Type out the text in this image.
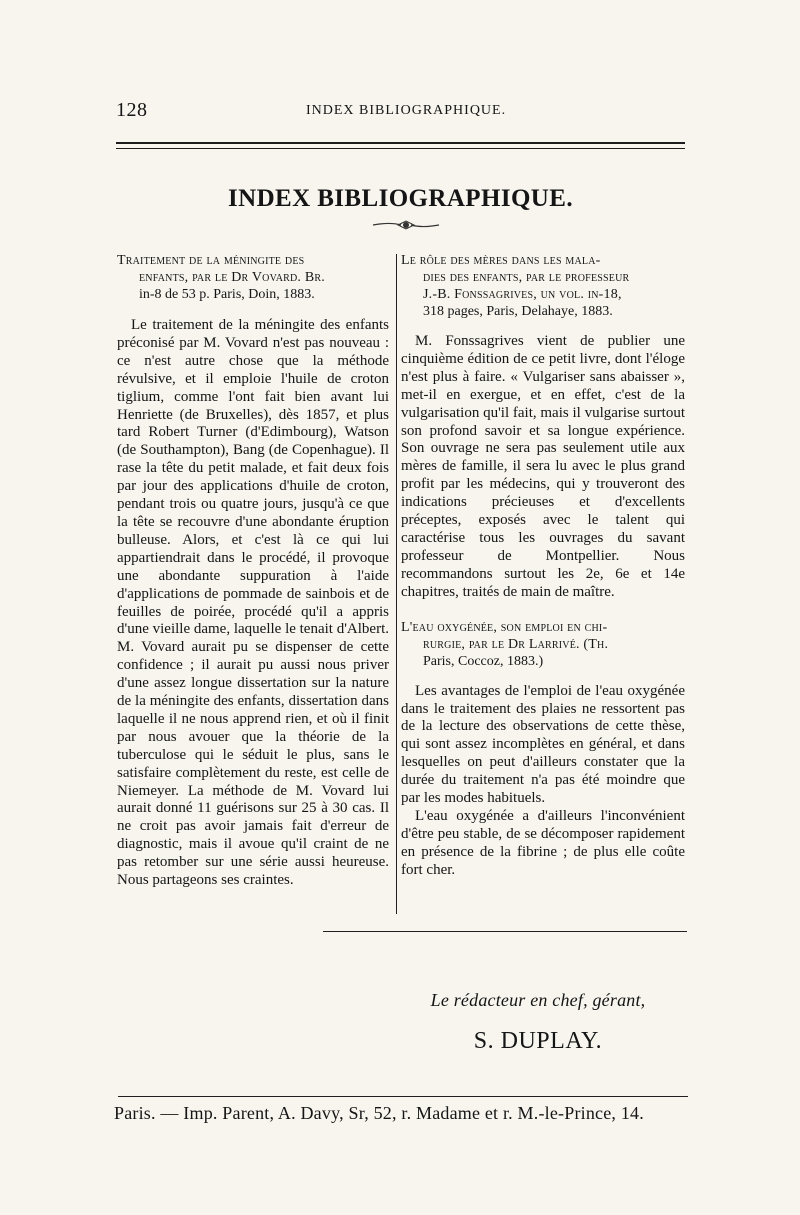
128	INDEX BIBLIOGRAPHIQUE.
INDEX BIBLIOGRAPHIQUE.

Traitement de la méningite des
enfants, par le Dr Vovard. Br.
in-8 de 53 p. Paris, Doin, 1883.

Le traitement de la méningite des enfants préconisé par M. Vovard n'est pas nouveau : ce n'est autre chose que la méthode révulsive, et il emploie l'huile de croton tiglium, comme l'ont fait bien avant lui Henriette (de Bruxelles), dès 1857, et plus tard Robert Turner (d'Edimbourg), Watson (de Southampton), Bang (de Copenhague). Il rase la tête du petit malade, et fait deux fois par jour des applications d'huile de croton, pendant trois ou quatre jours, jusqu'à ce que la tête se recouvre d'une abondante éruption bulleuse. Alors, et c'est là ce qui lui appartiendrait dans le procédé, il provoque une abondante suppuration à l'aide d'applications de pommade de sainbois et de feuilles de poirée, procédé qu'il a appris d'une vieille dame, laquelle le tenait d'Albert. M. Vovard aurait pu se dispenser de cette confidence ; il aurait pu aussi nous priver d'une assez longue dissertation sur la nature de la méningite des enfants, dissertation dans laquelle il ne nous apprend rien, et où il finit par nous avouer que la théorie de la tuberculose qui le séduit le plus, sans le satisfaire complètement du reste, est celle de Niemeyer. La méthode de M. Vovard lui aurait donné 11 guérisons sur 25 à 30 cas. Il ne croit pas avoir jamais fait d'erreur de diagnostic, mais il avoue qu'il craint de ne pas retomber sur une série aussi heureuse. Nous partageons ses craintes.

Le rôle des mères dans les mala-
dies des enfants, par le professeur
J.-B. Fonssagrives, un vol. in-18,
318 pages, Paris, Delahaye, 1883.

M. Fonssagrives vient de publier une cinquième édition de ce petit livre, dont l'éloge n'est plus à faire. « Vulgariser sans abaisser », met-il en exergue, et en effet, c'est de la vulgarisation qu'il fait, mais il vulgarise surtout son profond savoir et sa longue expérience. Son ouvrage ne sera pas seulement utile aux mères de famille, il sera lu avec le plus grand profit par les médecins, qui y trouveront des indications précieuses et d'excellents préceptes, exposés avec le talent qui caractérise tous les ouvrages du savant professeur de Montpellier. Nous recommandons surtout les 2e, 6e et 14e chapitres, traités de main de maître.

L'eau oxygénée, son emploi en chi-
rurgie, par le Dr Larrivé. (Th.
Paris, Coccoz, 1883.)

Les avantages de l'emploi de l'eau oxygénée dans le traitement des plaies ne ressortent pas de la lecture des observations de cette thèse, qui sont assez incomplètes en général, et dans lesquelles on peut d'ailleurs constater que la durée du traitement n'a pas été moindre que par les modes habituels.

L'eau oxygénée a d'ailleurs l'inconvénient d'être peu stable, de se décomposer rapidement en présence de la fibrine ; de plus elle coûte fort cher.

Le rédacteur en chef, gérant,
S. DUPLAY.
Paris. — Imp. Parent, A. Davy, Sr, 52, r. Madame et r. M.-le-Prince, 14.
